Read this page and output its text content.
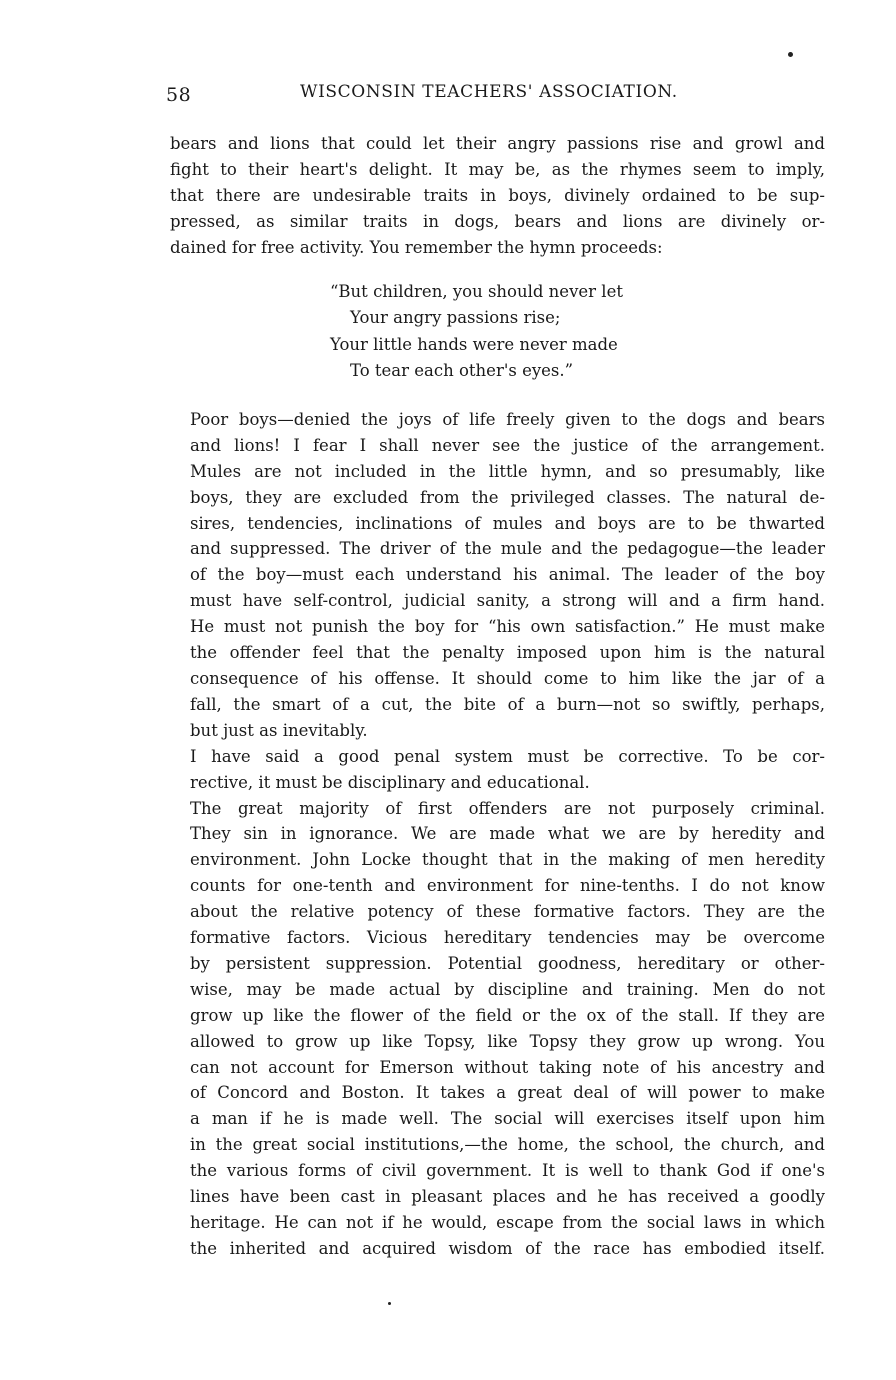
58	WISCONSIN TEACHERS' ASSOCIATION.

bears and lions that could let their angry passions rise and growl and
fight to their heart's delight. It may be, as the rhymes seem to imply,
that there are undesirable traits in boys, divinely ordained to be sup-
pressed, as similar traits in dogs, bears and lions are divinely or-
dained for free activity. You remember the hymn proceeds:

“But children, you should never let
Your angry passions rise;
Your little hands were never made
To tear each other's eyes.”

Poor boys—denied the joys of life freely given to the dogs and bears
and lions! I fear I shall never see the justice of the arrangement.
Mules are not included in the little hymn, and so presumably, like
boys, they are excluded from the privileged classes. The natural de-
sires, tendencies, inclinations of mules and boys are to be thwarted
and suppressed. The driver of the mule and the pedagogue—the leader
of the boy—must each understand his animal. The leader of the boy
must have self-control, judicial sanity, a strong will and a firm hand.
He must not punish the boy for “his own satisfaction.” He must make
the offender feel that the penalty imposed upon him is the natural
consequence of his offense. It should come to him like the jar of a
fall, the smart of a cut, the bite of a burn—not so swiftly, perhaps,
but just as inevitably.

I have said a good penal system must be corrective. To be cor-
rective, it must be disciplinary and educational.

The great majority of first offenders are not purposely criminal.
They sin in ignorance. We are made what we are by heredity and
environment. John Locke thought that in the making of men heredity
counts for one-tenth and environment for nine-tenths. I do not know
about the relative potency of these formative factors. They are the
formative factors. Vicious hereditary tendencies may be overcome
by persistent suppression. Potential goodness, hereditary or other-
wise, may be made actual by discipline and training. Men do not
grow up like the flower of the field or the ox of the stall. If they are
allowed to grow up like Topsy, like Topsy they grow up wrong. You
can not account for Emerson without taking note of his ancestry and
of Concord and Boston. It takes a great deal of will power to make
a man if he is made well. The social will exercises itself upon him
in the great social institutions,—the home, the school, the church, and
the various forms of civil government. It is well to thank God if one's
lines have been cast in pleasant places and he has received a goodly
heritage. He can not if he would, escape from the social laws in which
the inherited and acquired wisdom of the race has embodied itself.
